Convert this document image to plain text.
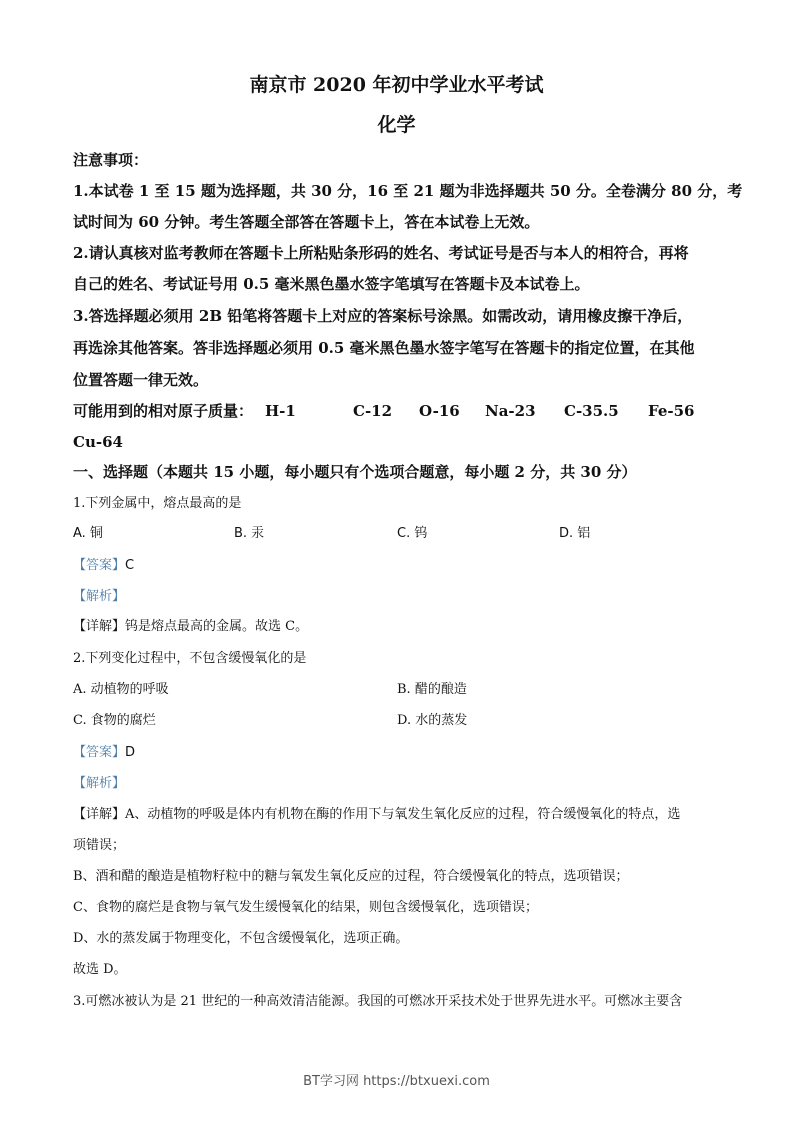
南京市 2020 年初中学业水平考试
化学
注意事项：
1.本试卷 1 至 15 题为选择题，共 30 分，16 至 21 题为非选择题共 50 分。全卷满分 80 分，考
试时间为 60 分钟。考生答题全部答在答题卡上，答在本试卷上无效。
2.请认真核对监考教师在答题卡上所粘贴条形码的姓名、考试证号是否与本人的相符合，再将
自己的姓名、考试证号用 0.5 毫米黑色墨水签字笔填写在答题卡及本试卷上。
3.答选择题必须用 2B 铅笔将答题卡上对应的答案标号涂黑。如需改动，请用橡皮擦干净后，
再选涂其他答案。答非选择题必须用 0.5 毫米黑色墨水签字笔写在答题卡的指定位置，在其他
位置答题一律无效。
可能用到的相对原子质量： H-1	C-12 O-16 Na-23 C-35.5 Fe-56
Cu-64
一、选择题（本题共 15 小题，每小题只有个选项合题意，每小题 2 分，共 30 分）
1.下列金属中，熔点最高的是
A. 铜	B. 汞	C. 钨	D. 铝
【答案】C
【解析】
【详解】钨是熔点最高的金属。故选 C。
2.下列变化过程中，不包含缓慢氧化的是
A. 动植物的呼吸	B. 醋的酿造
C. 食物的腐烂	D. 水的蒸发
【答案】D
【解析】
【详解】A、动植物的呼吸是体内有机物在酶的作用下与氧发生氧化反应的过程，符合缓慢氧化的特点，选
项错误；
B、酒和醋的酿造是植物籽粒中的糖与氧发生氧化反应的过程，符合缓慢氧化的特点，选项错误；
C、食物的腐烂是食物与氧气发生缓慢氧化的结果，则包含缓慢氧化，选项错误；
D、水的蒸发属于物理变化，不包含缓慢氧化，选项正确。
故选 D。
3.可燃冰被认为是 21 世纪的一种高效清洁能源。我国的可燃冰开采技术处于世界先进水平。可燃冰主要含
BT学习网 https://btxuexi.com
